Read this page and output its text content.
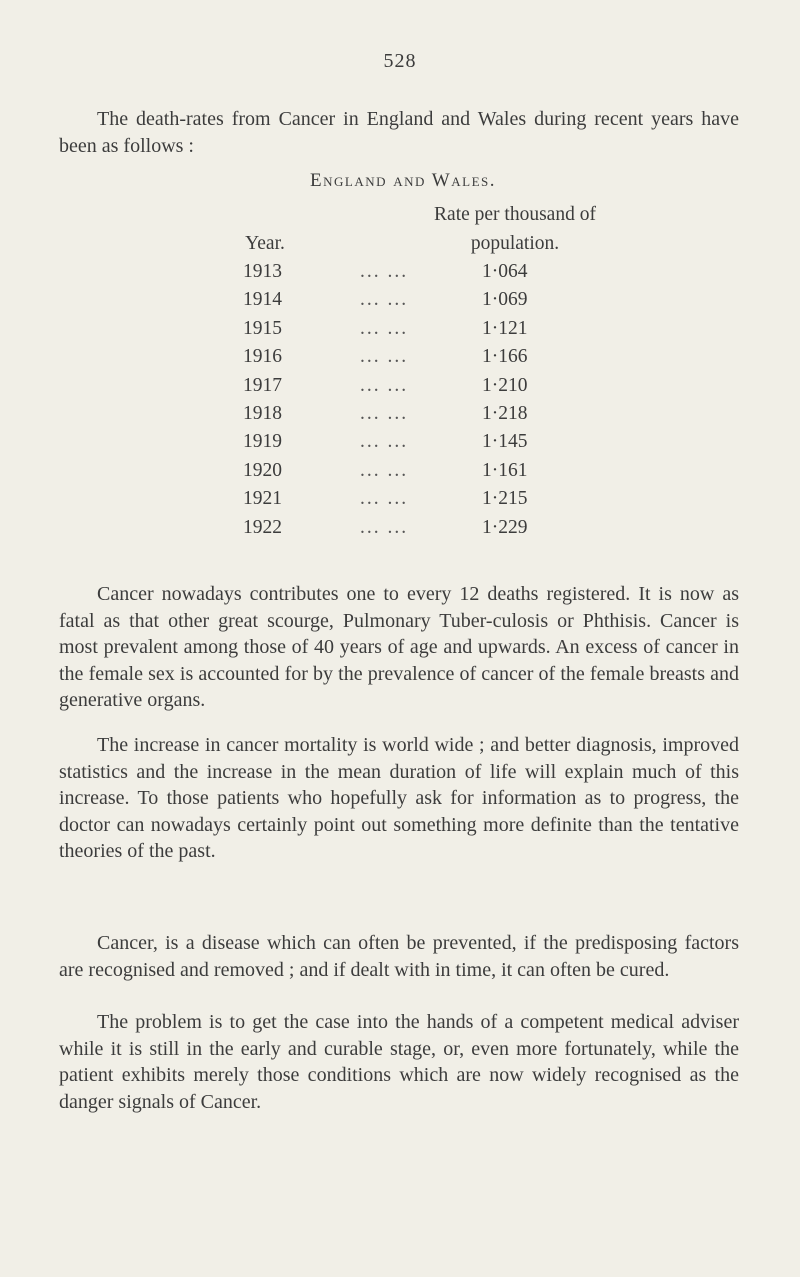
528

The death-rates from Cancer in England and Wales during recent years have been as follows :

England and Wales.
Rate per thousand of population.
Year.
1913	... ...	1·064
1914	... ...	1·069
1915	... ...	1·121
1916	... ...	1·166
1917	... ...	1·210
1918	... ...	1·218
1919	... ...	1·145
1920	... ...	1·161
1921	... ...	1·215
1922	... ...	1·229

Cancer nowadays contributes one to every 12 deaths registered. It is now as fatal as that other great scourge, Pulmonary Tuber-culosis or Phthisis. Cancer is most prevalent among those of 40 years of age and upwards. An excess of cancer in the female sex is accounted for by the prevalence of cancer of the female breasts and generative organs.

The increase in cancer mortality is world wide ; and better diagnosis, improved statistics and the increase in the mean duration of life will explain much of this increase. To those patients who hopefully ask for information as to progress, the doctor can nowadays certainly point out something more definite than the tentative theories of the past.

Cancer, is a disease which can often be prevented, if the predisposing factors are recognised and removed ; and if dealt with in time, it can often be cured.

The problem is to get the case into the hands of a competent medical adviser while it is still in the early and curable stage, or, even more fortunately, while the patient exhibits merely those conditions which are now widely recognised as the danger signals of Cancer.
